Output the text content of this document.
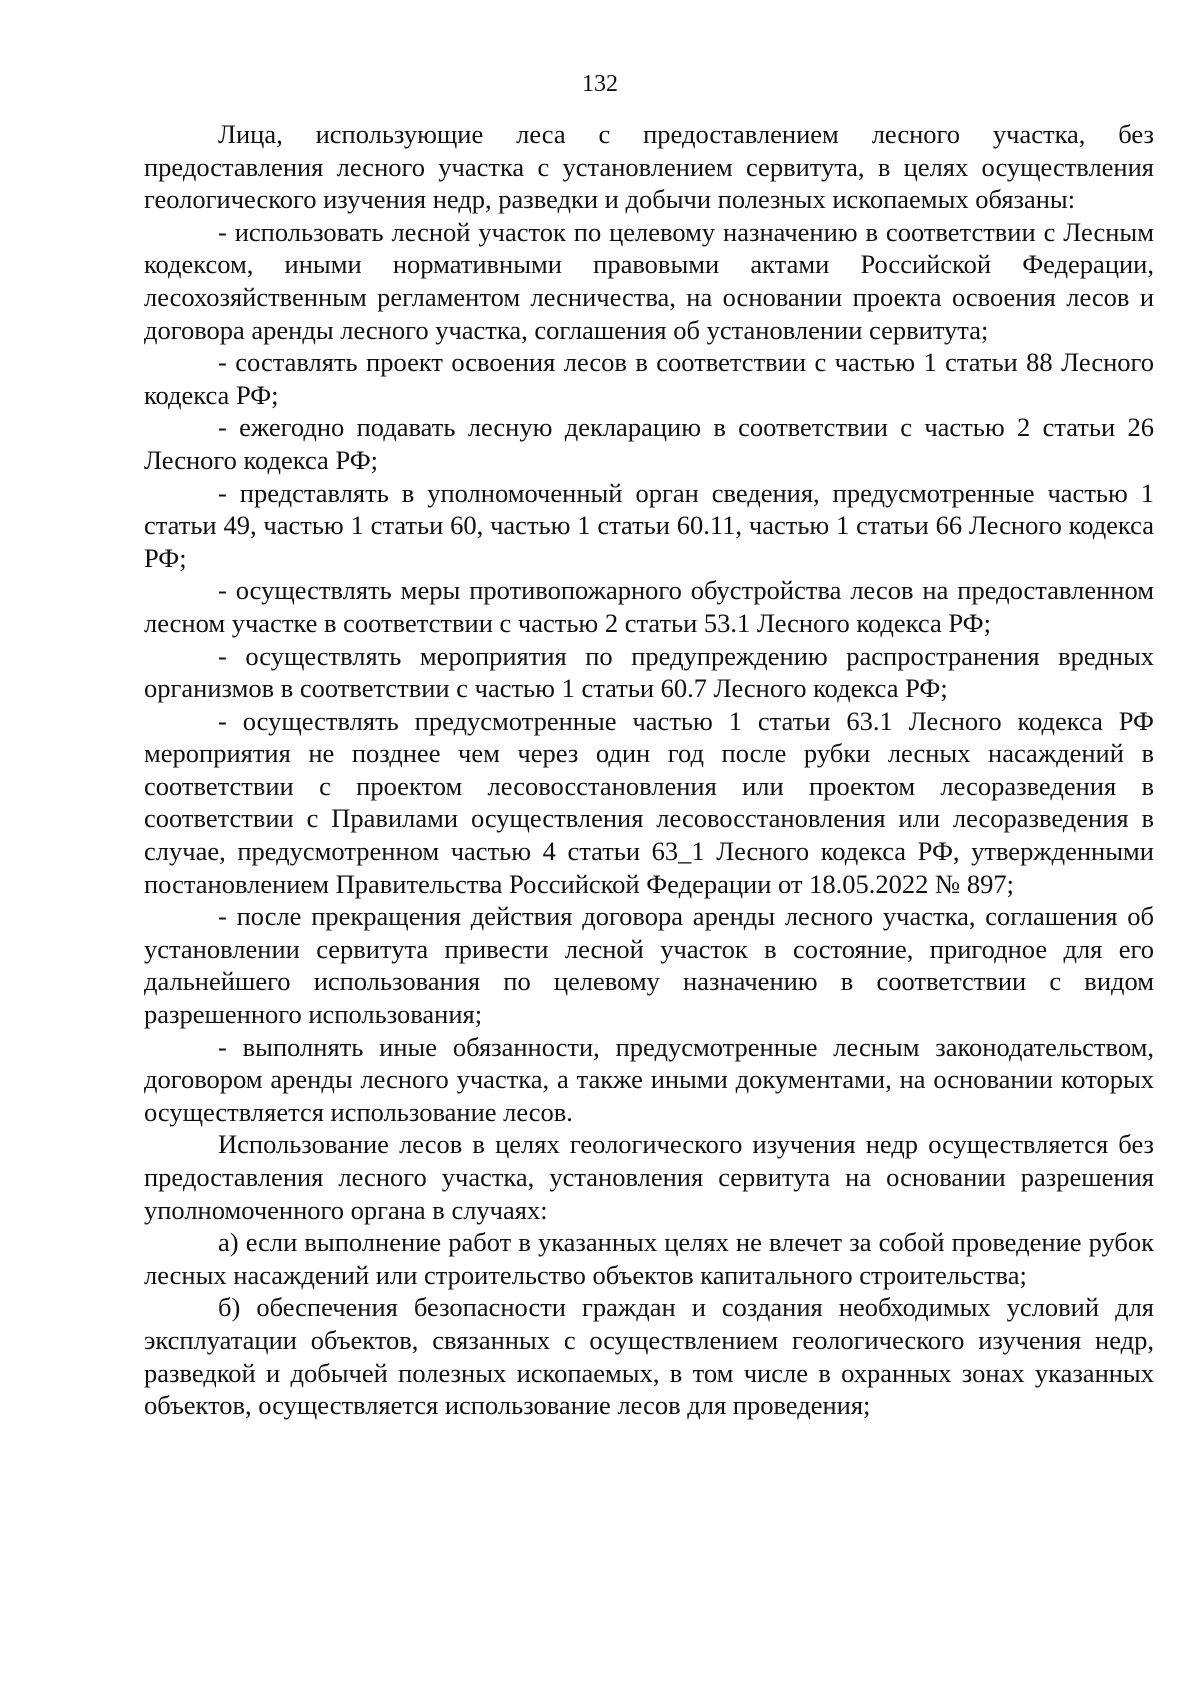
132

Лица, использующие леса с предоставлением лесного участка, без предоставления лесного участка с установлением сервитута, в целях осуществления геологического изучения недр, разведки и добычи полезных ископаемых обязаны:

- использовать лесной участок по целевому назначению в соответствии с Лесным кодексом, иными нормативными правовыми актами Российской Федерации, лесохозяйственным регламентом лесничества, на основании проекта освоения лесов и договора аренды лесного участка, соглашения об установлении сервитута;

- составлять проект освоения лесов в соответствии с частью 1 статьи 88 Лесного кодекса РФ;

- ежегодно подавать лесную декларацию в соответствии с частью 2 статьи 26 Лесного кодекса РФ;

- представлять в уполномоченный орган сведения, предусмотренные частью 1 статьи 49, частью 1 статьи 60, частью 1 статьи 60.11, частью 1 статьи 66 Лесного кодекса РФ;

- осуществлять меры противопожарного обустройства лесов на предоставленном лесном участке в соответствии с частью 2 статьи 53.1 Лесного кодекса РФ;

- осуществлять мероприятия по предупреждению распространения вредных организмов в соответствии с частью 1 статьи 60.7 Лесного кодекса РФ;

- осуществлять предусмотренные частью 1 статьи 63.1 Лесного кодекса РФ мероприятия не позднее чем через один год после рубки лесных насаждений в соответствии с проектом лесовосстановления или проектом лесоразведения в соответствии с Правилами осуществления лесовосстановления или лесоразведения в случае, предусмотренном частью 4 статьи 63_1 Лесного кодекса РФ, утвержденными постановлением Правительства Российской Федерации от 18.05.2022 № 897;

- после прекращения действия договора аренды лесного участка, соглашения об установлении сервитута привести лесной участок в состояние, пригодное для его дальнейшего использования по целевому назначению в соответствии с видом разрешенного использования;

- выполнять иные обязанности, предусмотренные лесным законодательством, договором аренды лесного участка, а также иными документами, на основании которых осуществляется использование лесов.

Использование лесов в целях геологического изучения недр осуществляется без предоставления лесного участка, установления сервитута на основании разрешения уполномоченного органа в случаях:

а) если выполнение работ в указанных целях не влечет за собой проведение рубок лесных насаждений или строительство объектов капитального строительства;

б) обеспечения безопасности граждан и создания необходимых условий для эксплуатации объектов, связанных с осуществлением геологического изучения недр, разведкой и добычей полезных ископаемых, в том числе в охранных зонах указанных объектов, осуществляется использование лесов для проведения;
